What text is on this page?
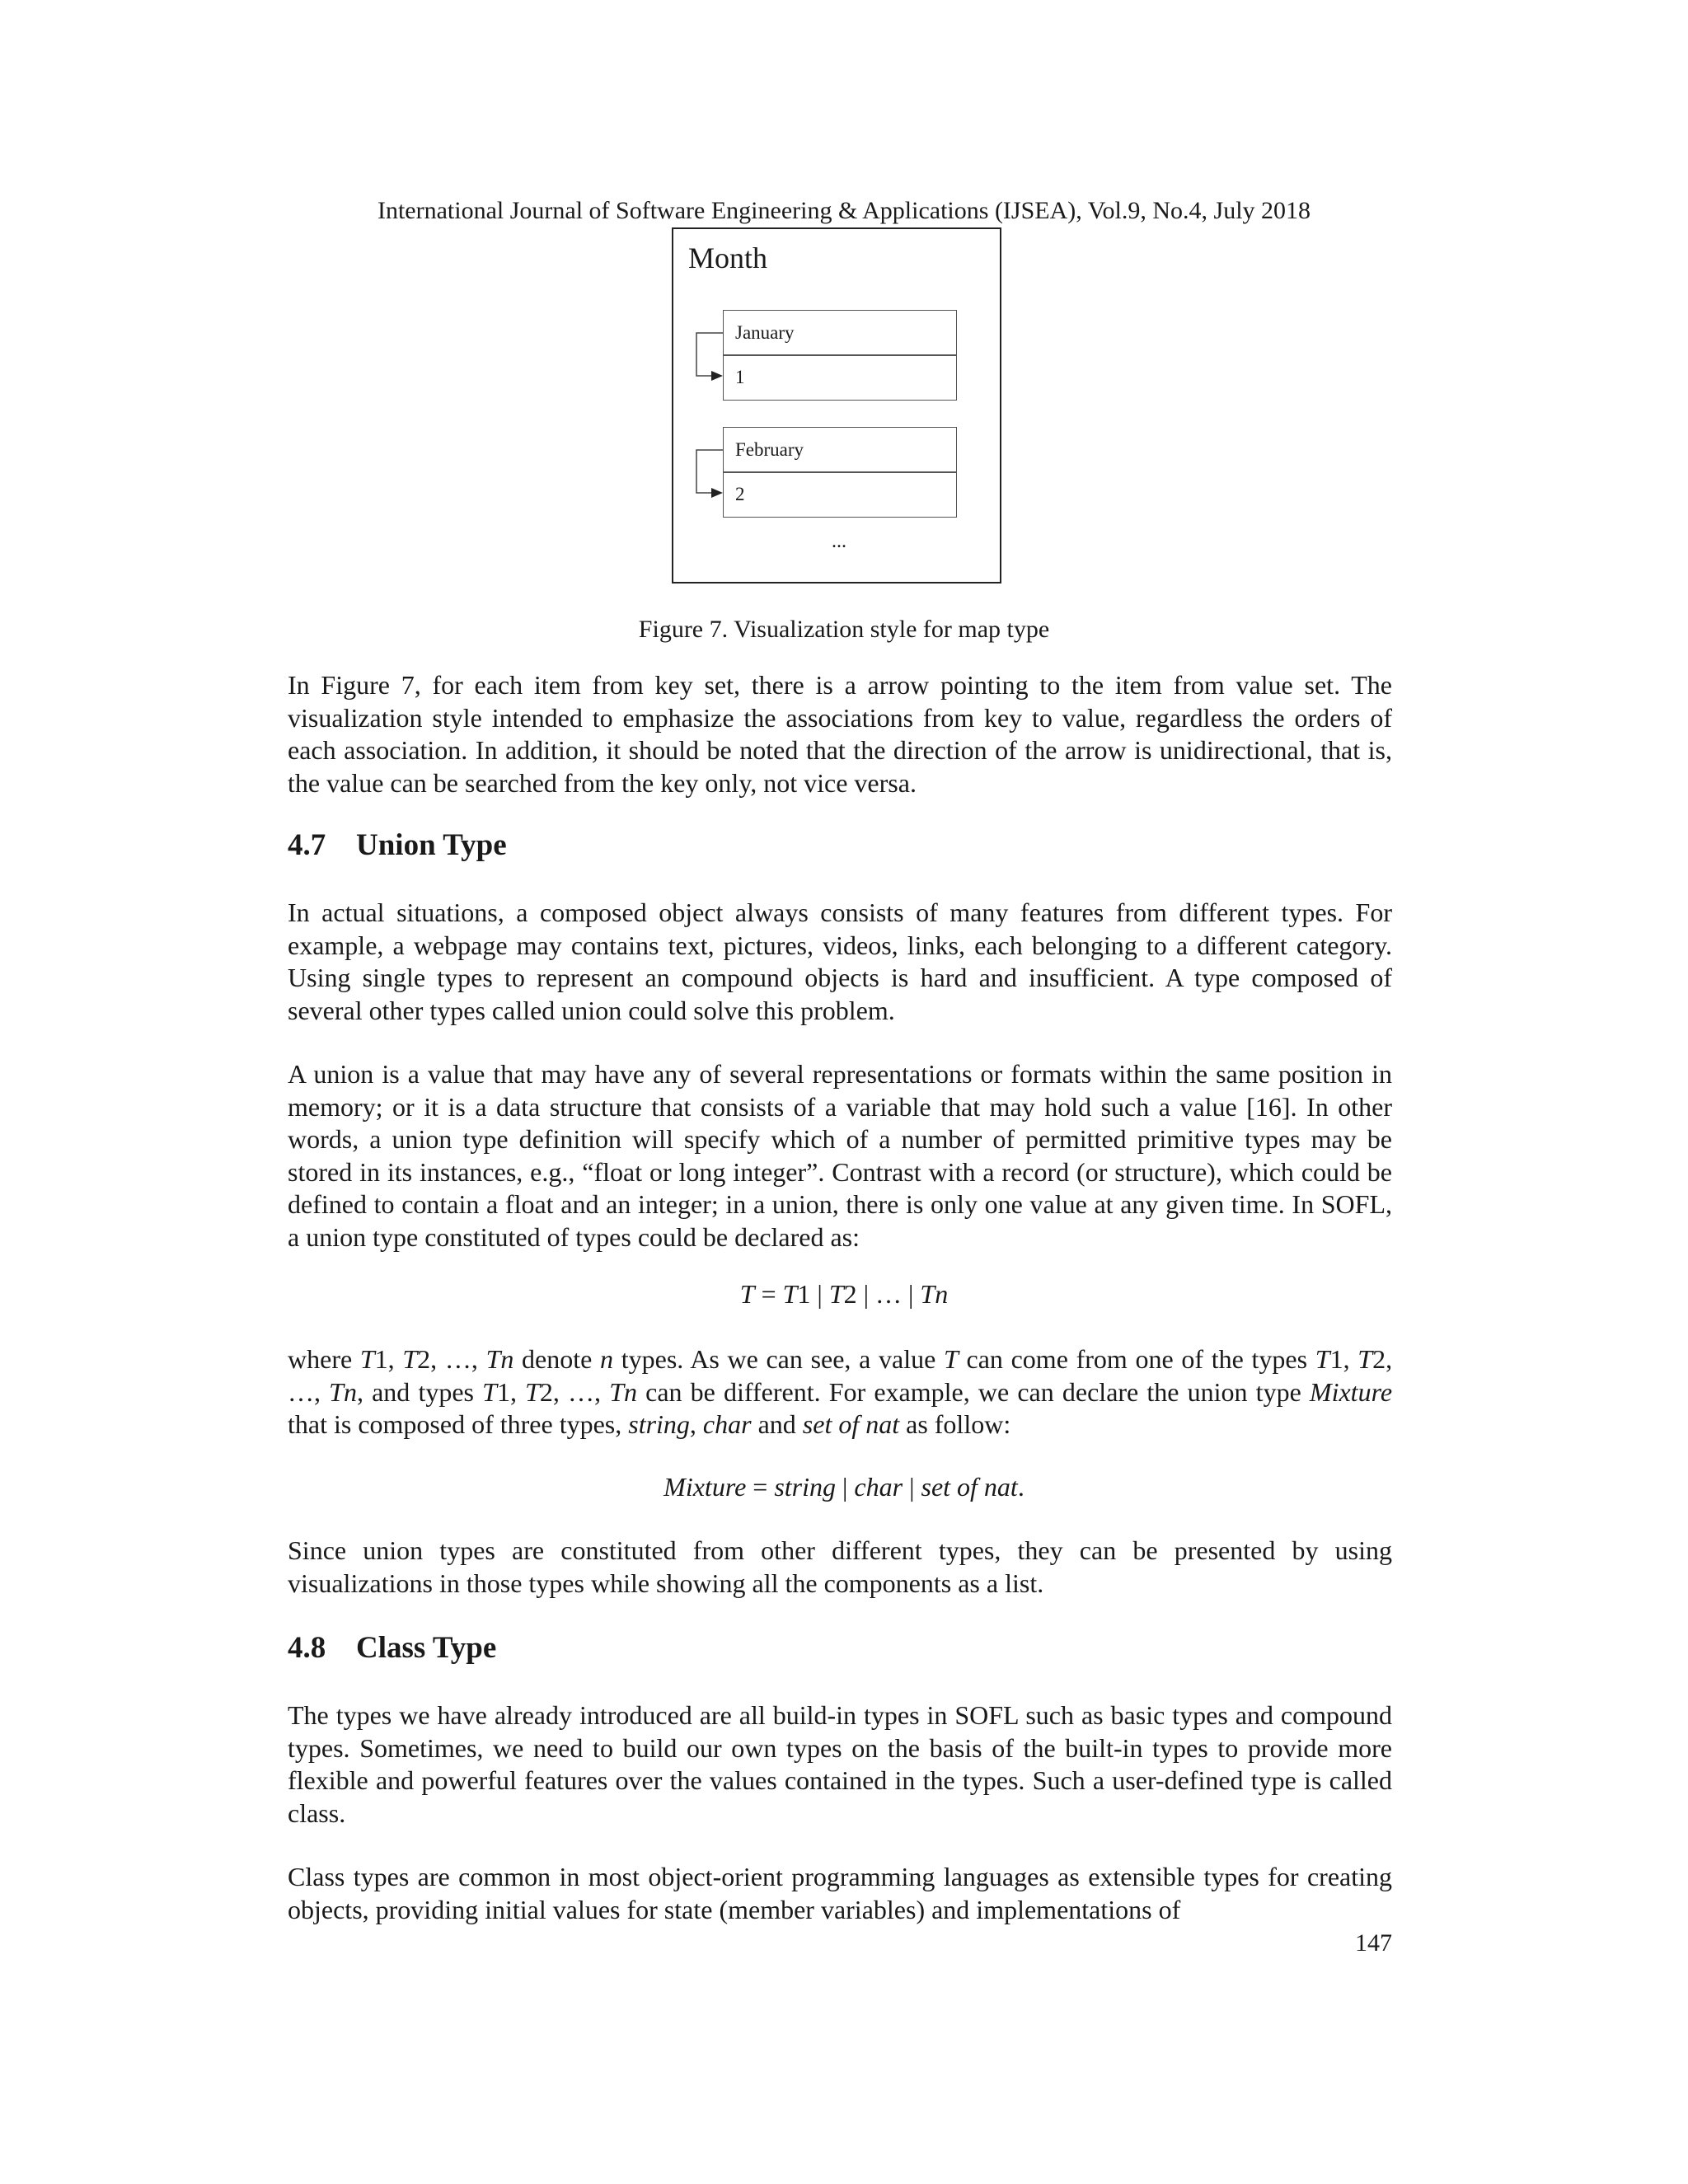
International Journal of Software Engineering & Applications (IJSEA), Vol.9, No.4, July 2018
Month
January
1
February
2
...
Figure 7. Visualization style for map type

In Figure 7, for each item from key set, there is a arrow pointing to the item from value set. The visualization style intended to emphasize the associations from key to value, regardless the orders of each association. In addition, it should be noted that the direction of the arrow is unidirectional, that is, the value can be searched from the key only, not vice versa.

4.7 Union Type

In actual situations, a composed object always consists of many features from different types. For example, a webpage may contains text, pictures, videos, links, each belonging to a different category. Using single types to represent an compound objects is hard and insufficient. A type composed of several other types called union could solve this problem.

A union is a value that may have any of several representations or formats within the same position in memory; or it is a data structure that consists of a variable that may hold such a value [16]. In other words, a union type definition will specify which of a number of permitted primitive types may be stored in its instances, e.g., “float or long integer”. Contrast with a record (or structure), which could be defined to contain a float and an integer; in a union, there is only one value at any given time. In SOFL, a union type constituted of types could be declared as:

T = T1 | T2 | … | Tn

where T1, T2, …, Tn denote n types. As we can see, a value T can come from one of the types T1, T2, …, Tn, and types T1, T2, …, Tn can be different. For example, we can declare the union type Mixture that is composed of three types, string, char and set of nat as follow:

Mixture = string | char | set of nat.

Since union types are constituted from other different types, they can be presented by using visualizations in those types while showing all the components as a list.

4.8 Class Type

The types we have already introduced are all build-in types in SOFL such as basic types and compound types. Sometimes, we need to build our own types on the basis of the built-in types to provide more flexible and powerful features over the values contained in the types. Such a user-defined type is called class.

Class types are common in most object-orient programming languages as extensible types for creating objects, providing initial values for state (member variables) and implementations of

147
